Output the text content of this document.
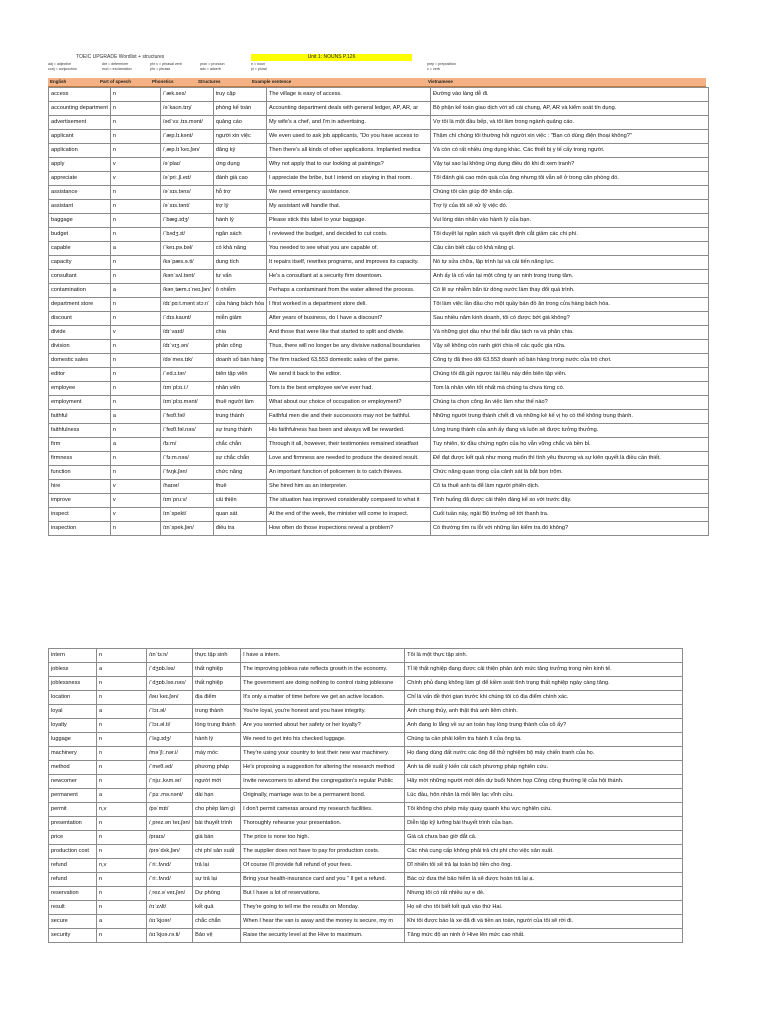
TOEIC UPGRADE Wordlist + structures	Unit 1: NOUNS P.126
adj = adjective
conj = conjunction
det = determiner
excl = exclamation
phr v = phrasal verb
phr = phrase
pron = pronoun
adv = adverb
n = noun
pl = plural
prep = preposition
v = verb
English	Part of speech	Phonetics	Structures	Example sentence	Vietnamese
access	n	/ˈæk.ses/	truy cập	The village is easy of access.	Đường vào làng dễ đi.
accounting department	n	/əˈkaʊn.tɪŋ/	phòng kế toán	Accounting department deals with general ledger, AP, AR, ar	Bộ phận kế toán giao dịch với sổ cái chung, AP, AR và kiểm soát tín dụng.
advertisement	n	/ədˈvɜː.tɪs.mənt/	quảng cáo	My wife's a chef, and I'm in advertising.	Vợ tôi là một đầu bếp, và tôi làm trong ngành quảng cáo.
applicant	n	/ˈæp.lɪ.kənt/	người xin việc	We even used to ask job applicants, "Do you have access to	Thậm chí chúng tôi thường hỏi người xin việc : "Bạn có dùng điện thoại không?"
application	n	/ˌæp.lɪˈkeɪ.ʃən/	đăng ký	Then there's all kinds of other applications. Implanted medica	Và còn có rất nhiều ứng dụng khác. Các thiết bị y tế cấy trong người.
apply	v	/əˈplaɪ/	ứng dụng	Why not apply that to our looking at paintings?	Vậy tại sao lại không ứng dụng điều đó khi đi xem tranh?
appreciate	v	/əˈpriː.ʃi.eɪt/	đánh giá cao	I appreciate the bribe, but I intend on staying in that room.	Tôi đánh giá cao món quà của ông nhưng tôi vẫn sẽ ở trong căn phòng đó.
assistance	n	/əˈsɪs.təns/	hỗ trợ	We need emergency assistance.	Chúng tôi cần giúp đỡ khẩn cấp.
assistant	n	/əˈsɪs.tənt/	trợ lý	My assistant will handle that.	Trợ lý của tôi sẽ xử lý việc đó.
baggage	n	/ˈbæɡ.ɪdʒ/	hành lý	Please stick this label to your baggage.	Vui lòng dán nhãn vào hành lý của bạn.
budget	n	/ˈbʌdʒ.ɪt/	ngân sách	I reviewed the budget, and decided to cut costs.	Tôi duyệt lại ngân sách và quyết định cắt giảm các chi phí.
capable	a	/ˈkeɪ.pə.bəl/	có khả năng	You needed to see what you are capable of.	Cậu cần biết cậu có khả năng gì.
capacity	n	/kəˈpæs.ə.ti/	dung tích	It repairs itself, rewrites programs, and improves its capacity.	Nó tự sửa chữa, lập trình lại và cải tiến năng lực.
consultant	n	/kənˈsʌl.tənt/	tư vấn	He's a consultant at a security firm downtown.	Anh ấy là cố vấn tại một công ty an ninh trong trung tâm.
contamination	a	/kənˌtæm.ɪˈneɪ.ʃən/	ô nhiễm	Perhaps a contaminant from the water altered the process.	Có lẽ sự nhiễm bẩn từ dòng nước làm thay đổi quá trình.
department store	n	/dɪˈpɑːt.mənt stɔːr/	cửa hàng bách hóa	I first worked in a department store deli.	Tôi làm việc lần đầu cho một quầy bán đồ ăn trong cửa hàng bách hóa.
discount	n	/ˈdɪs.kaʊnt/	miễn giảm	After years of business, do I have a discount?	Sau nhiều năm kinh doanh, tôi có được bớt giá không?
divide	v	/dɪˈvaɪd/	chia	And those that were like that started to split and divide.	Và những giọt dầu như thế bắt đầu tách ra và phân chia.
division	n	/dɪˈvɪʒ.ən/	phân công	Thus, there will no longer be any divisive national boundaries	Vậy sẽ không còn ranh giới chia rẽ các quốc gia nữa.
domestic sales	n	/dəˈmes.tɪk/	doanh số bán hàng	The firm tracked 63,553 domestic sales of the game.	Công ty đã theo dõi 63.553 doanh số bán hàng trong nước của trò chơi.
editor	n	/ˈed.ɪ.tər/	biên tập viên	We send it back to the editor.	Chúng tôi đã gửi ngược tài liệu này đến biên tập viên.
employee	n	/ɪmˈplɔɪ.iː/	nhân viên	Tom is the best employee we've ever had.	Tom là nhân viên tốt nhất mà chúng ta chưa từng có.
employment	n	/ɪmˈplɔɪ.mənt/	thuê người làm	What about our choice of occupation or employment?	Chúng ta chọn công ăn việc làm như thế nào?
faithful	a	/ˈfeɪθ.fəl/	trung thành	Faithful men die and their successors may not be faithful.	Những người trung thành chết đi và những kẻ kế vị họ có thể không trung thành.
faithfulness	n	/ˈfeɪθ.fəl.nəs/	sự trung thành	His faithfulness has been and always will be rewarded.	Lòng trung thành của anh ấy đang và luôn sẽ được tưởng thưởng.
firm	a	/fɜːm/	chắc chắn	Through it all, however, their testimonies remained steadfast	Tuy nhiên, từ đầu chứng ngôn của họ vẫn vững chắc và bền bỉ.
firmness	n	/ˈfɜːm.nəs/	sự chắc chắn	Love and firmness are needed to produce the desired result.	Để đạt được kết quả như mong muốn thì tình yêu thương và sự kiên quyết là điều cần thiết.
function	n	/ˈfʌŋk.ʃən/	chức năng	An important function of policemen is to catch thieves.	Chức năng quan trọng của cảnh sát là bắt bọn trộm.
hire	v	/haɪər/	thuê	She hired him as an interpreter.	Cô ta thuê anh ta để làm người phiên dịch.
improve	v	/ɪmˈpruːv/	cải thiện	The situation has improved considerably compared to what it	Tình huống đã được cải thiện đáng kể so với trước đây.
inspect	v	/ɪnˈspekt/	quan sát	At the end of the week, the minister will come to inspect.	Cuối tuần này, ngài Bộ trưởng sẽ tới thanh tra.
inspection	n	/ɪnˈspek.ʃən/	điều tra	How often do those inspections reveal a problem?	Có thường tìm ra lỗi với những lần kiểm tra đó không?
intern	n	/ɪnˈtɜːn/	thực tập sinh	I have a intern.	Tôi là một thực tập sinh.
jobless	a	/ˈdʒɒb.ləs/	thất nghiệp	The improving jobless rate reflects growth in the economy.	Tỉ lệ thất nghiệp đang được cải thiện phản ánh mức tăng trưởng trong nền kinh tế.
joblessness	n	/ˈdʒɒb.ləs.nəs/	thất nghiệp	The government are doing nothing to control rising joblessne	Chính phủ đang không làm gì để kiềm soát tình trạng thất nghiệp ngày càng tăng.
location	n	/ləʊˈkeɪ.ʃən/	địa điểm	It's only a matter of time before we get an active location.	Chỉ là vấn đề thời gian trước khi chúng tôi có địa điểm chính xác.
loyal	a	/ˈlɔɪ.əl/	trung thành	You're loyal, you're honest and you have integrity.	Anh chung thủy, anh thật thà anh liêm chính.
loyalty	n	/ˈlɔɪ.əl.ti/	lòng trung thành	Are you worried about her safety or her loyalty?	Anh đang lo lắng về sự an toàn hay lòng trung thành của cô ấy?
luggage	n	/ˈlʌɡ.ɪdʒ/	hành lý	We need to get into his checked luggage.	Chúng ta cần phải kiểm tra hành lí của ông ta.
machinery	n	/məˈʃiː.nər.i/	máy móc	They're using your country to test their new war machinery.	Họ đang dùng đất nước các ông để thử nghiệm bộ máy chiến tranh của họ.
method	n	/ˈmeθ.əd/	phương pháp	He's proposing a suggestion for altering the research method	Anh ta đề xuất ý kiến cải cách phương pháp nghiên cứu.
newcomer	n	/ˈnjuː.kʌm.ər/	người mới	Invite newcomers to attend the congregation's regular Public	Hãy mời những người mới đến dự buổi Nhóm họp Công cộng thường lệ của hội thánh.
permanent	a	/ˈpɜː.mə.nənt/	dài hạn	Originally, marriage was to be a permanent bond.	Lúc đầu, hôn nhân là mối liên lạc vĩnh cửu.
permit	n,v	/pəˈmɪt/	cho phép làm gì	I don't permit cameras around my research facilities.	Tôi không cho phép máy quay quanh khu vực nghiên cứu.
presentation	n	/ˌprez.ənˈteɪ.ʃən/	bài thuyết trình	Thoroughly rehearse your presentation.	Diễn tập kỹ lưỡng bài thuyết trình của bạn.
price	n	/praɪs/	giá bán	The price is none too high.	Giá cả chưa bao giờ đắt cả.
production cost	n	/prəˈdʌk.ʃən/	chi phí sản xuất	The supplier does not have to pay for production costs.	Các nhà cung cấp không phải trả chi phí cho việc sản xuất.
refund	n,v	/ˈriː.fʌnd/	trả lại	Of course i'll provide full refund of your fees.	Dĩ nhiên tôi sẽ trả lại toàn bộ tiền cho ông.
refund	n	/ˈriː.fʌnd/	sự trả lại	Bring your health-insurance card and you " ll get a refund.	Bác cứ đưa thẻ bảo hiểm là sẽ được hoàn trả lại ạ.
reservation	n	/ˌrez.əˈveɪ.ʃən/	Dự phòng	But I have a lot of reservations.	Nhưng tôi có rất nhiều sự e dè.
result	n	/rɪˈzʌlt/	kết quả	They're going to tell me the results on Monday.	Họ sẽ cho tôi biết kết quả vào thứ Hai.
secure	a	/sɪˈkjʊər/	chắc chắn	When I hear the van is away and the money is secure, my m	Khi tôi được báo là xe đã đi và tiền an toàn, người của tôi sẽ rời đi.
security	n	/sɪˈkjʊə.rə.ti/	Bảo vệ	Raise the security level at the Hive to maximum.	Tăng mức độ an ninh ở Hive lên mức cao nhất.
